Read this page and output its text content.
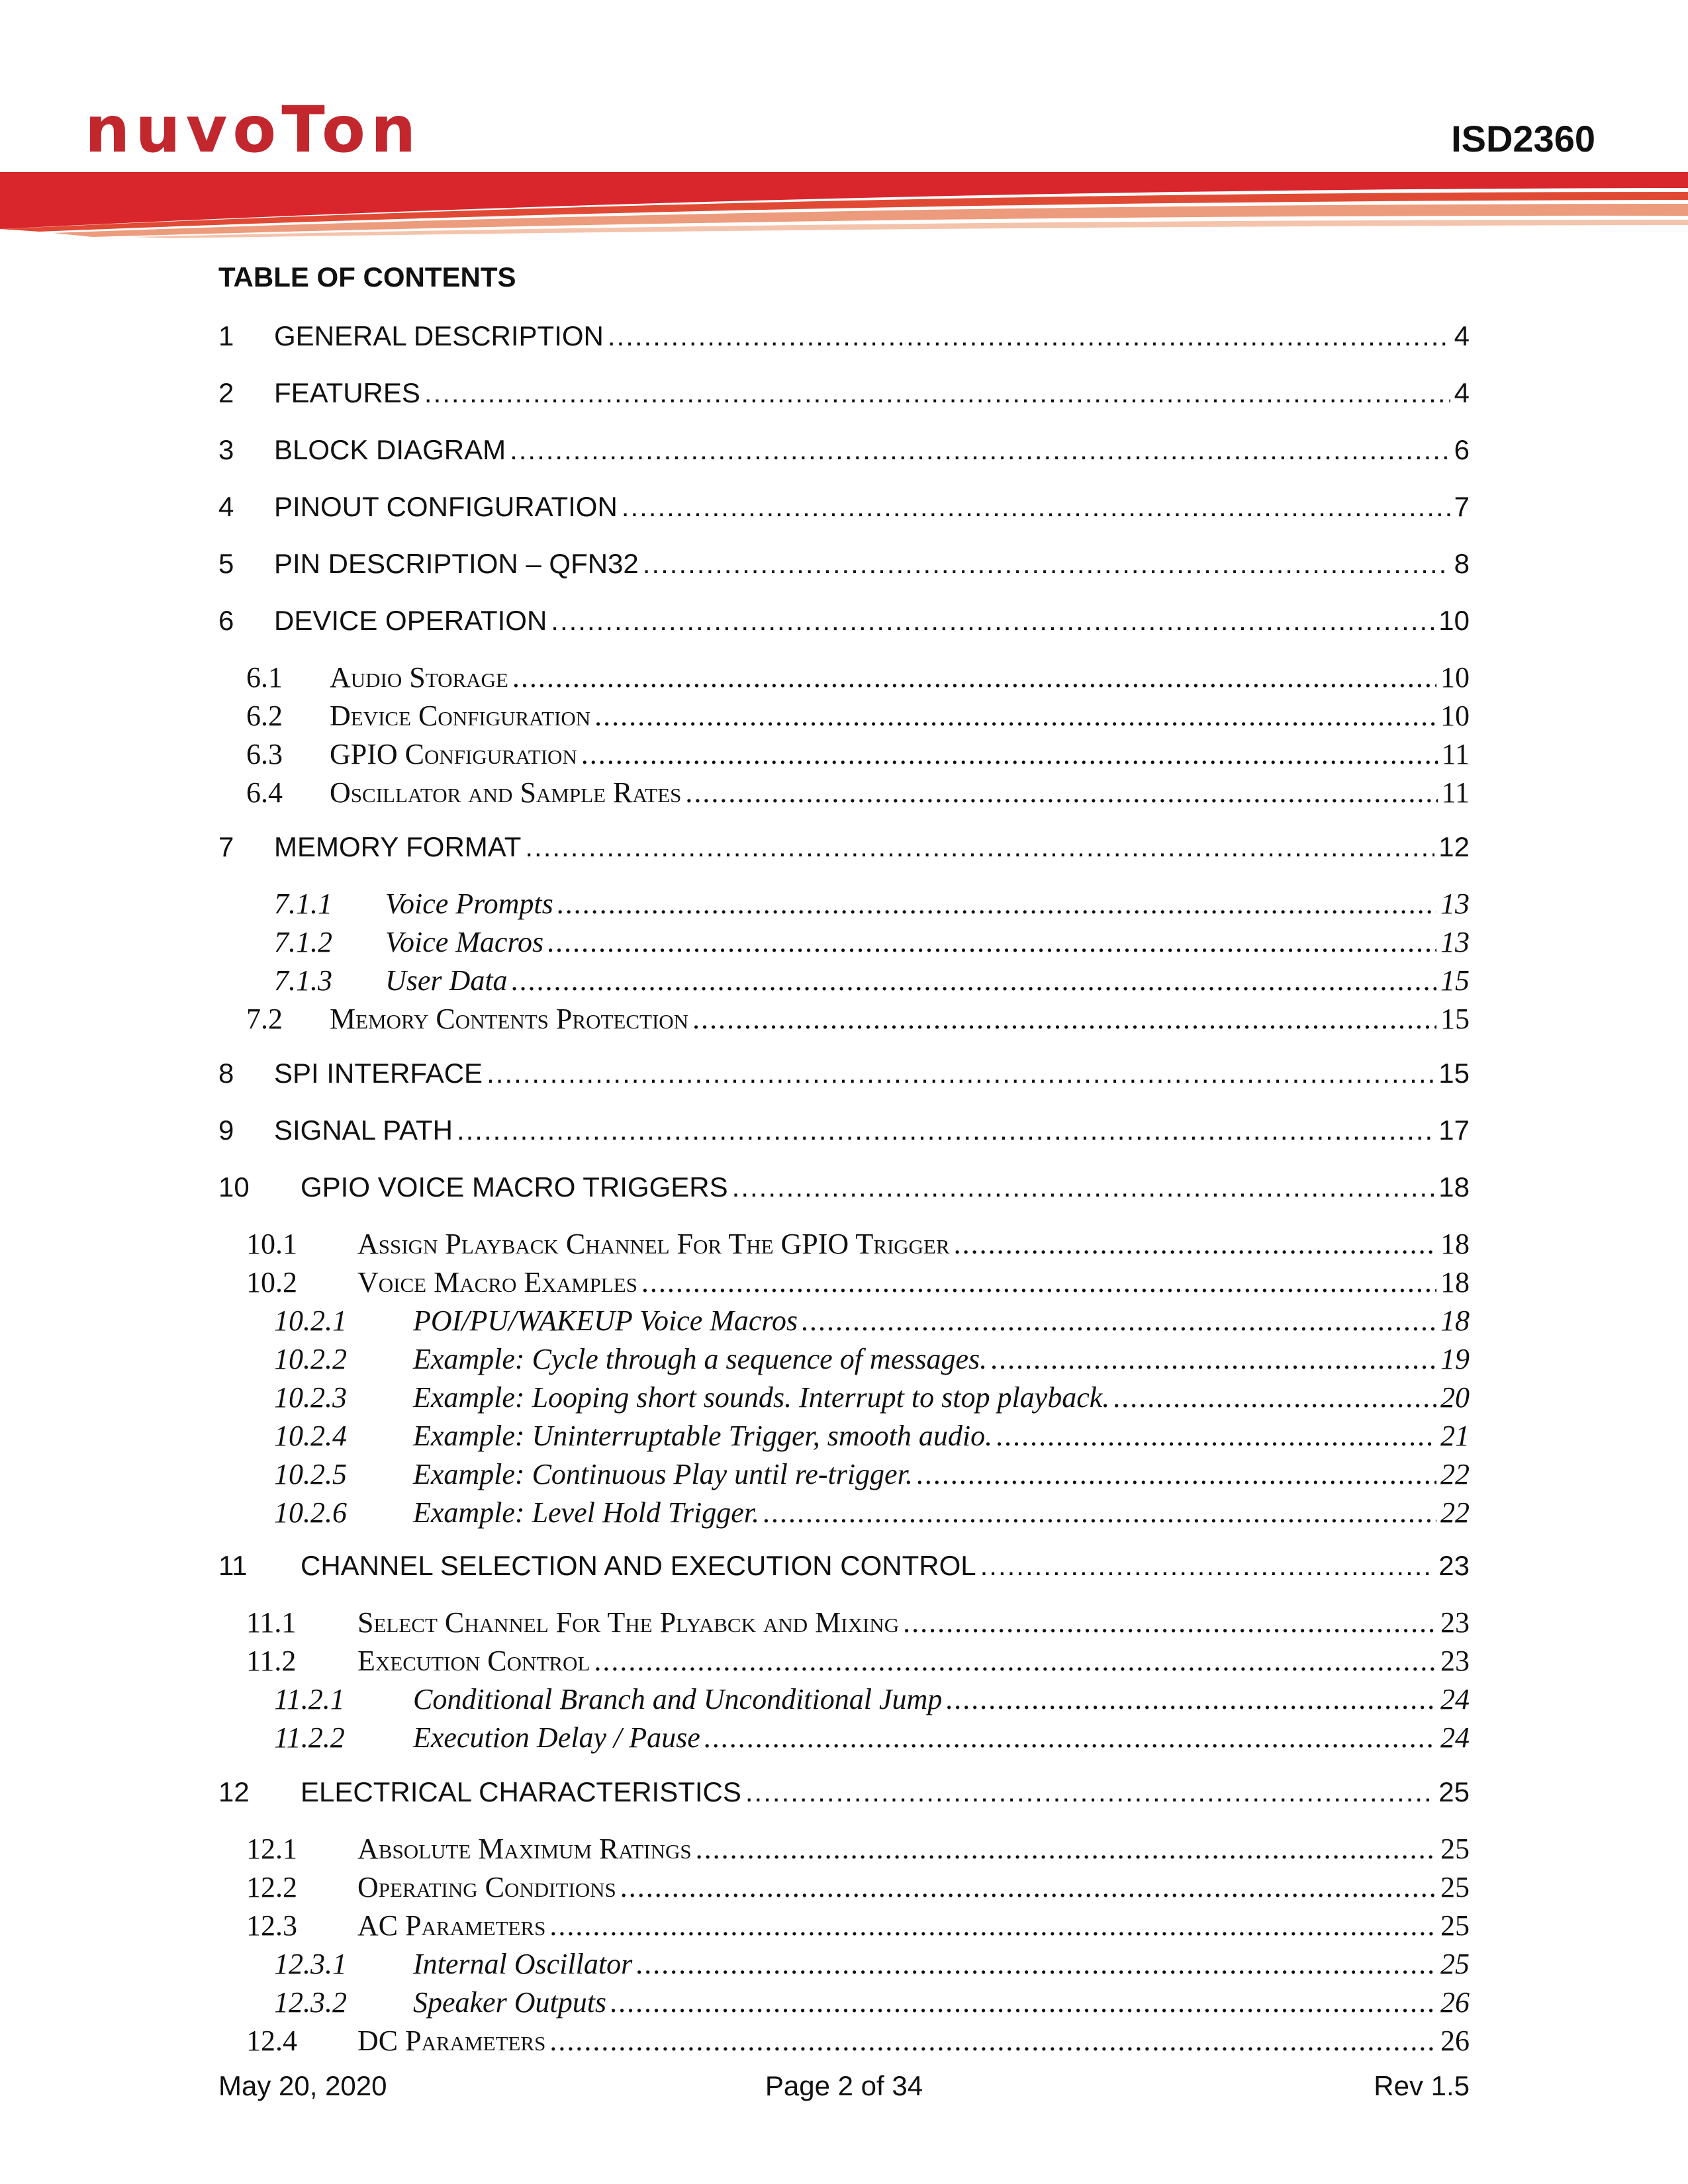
nuvoTon	ISD2360
TABLE OF CONTENTS
1	GENERAL DESCRIPTION .....	4
2	FEATURES .....	4
3	BLOCK DIAGRAM .....	6
4	PINOUT CONFIGURATION .....	7
5	PIN DESCRIPTION – QFN32 .....	8
6	DEVICE OPERATION .....	10
6.1	Audio Storage .....	10
6.2	Device Configuration .....	10
6.3	GPIO Configuration .....	11
6.4	Oscillator and Sample Rates .....	11
7	MEMORY FORMAT .....	12
7.1.1	Voice Prompts .....	13
7.1.2	Voice Macros .....	13
7.1.3	User Data .....	15
7.2	Memory Contents Protection .....	15
8	SPI INTERFACE .....	15
9	SIGNAL PATH .....	17
10	GPIO VOICE MACRO TRIGGERS .....	18
10.1	Assign Playback Channel For The GPIO Trigger .....	18
10.2	Voice Macro Examples .....	18
10.2.1	POI/PU/WAKEUP Voice Macros .....	18
10.2.2	Example: Cycle through a sequence of messages. .....	19
10.2.3	Example: Looping short sounds. Interrupt to stop playback. .....	20
10.2.4	Example: Uninterruptable Trigger, smooth audio. .....	21
10.2.5	Example: Continuous Play until re-trigger. .....	22
10.2.6	Example: Level Hold Trigger. .....	22
11	CHANNEL SELECTION AND EXECUTION CONTROL .....	23
11.1	Select Channel For The Plyabck and Mixing .....	23
11.2	Execution Control .....	23
11.2.1	Conditional Branch and Unconditional Jump .....	24
11.2.2	Execution Delay / Pause .....	24
12	ELECTRICAL CHARACTERISTICS .....	25
12.1	Absolute Maximum Ratings .....	25
12.2	Operating Conditions .....	25
12.3	AC Parameters .....	25
12.3.1	Internal Oscillator .....	25
12.3.2	Speaker Outputs .....	26
12.4	DC Parameters .....	26
May 20, 2020	Page 2 of 34	Rev 1.5
